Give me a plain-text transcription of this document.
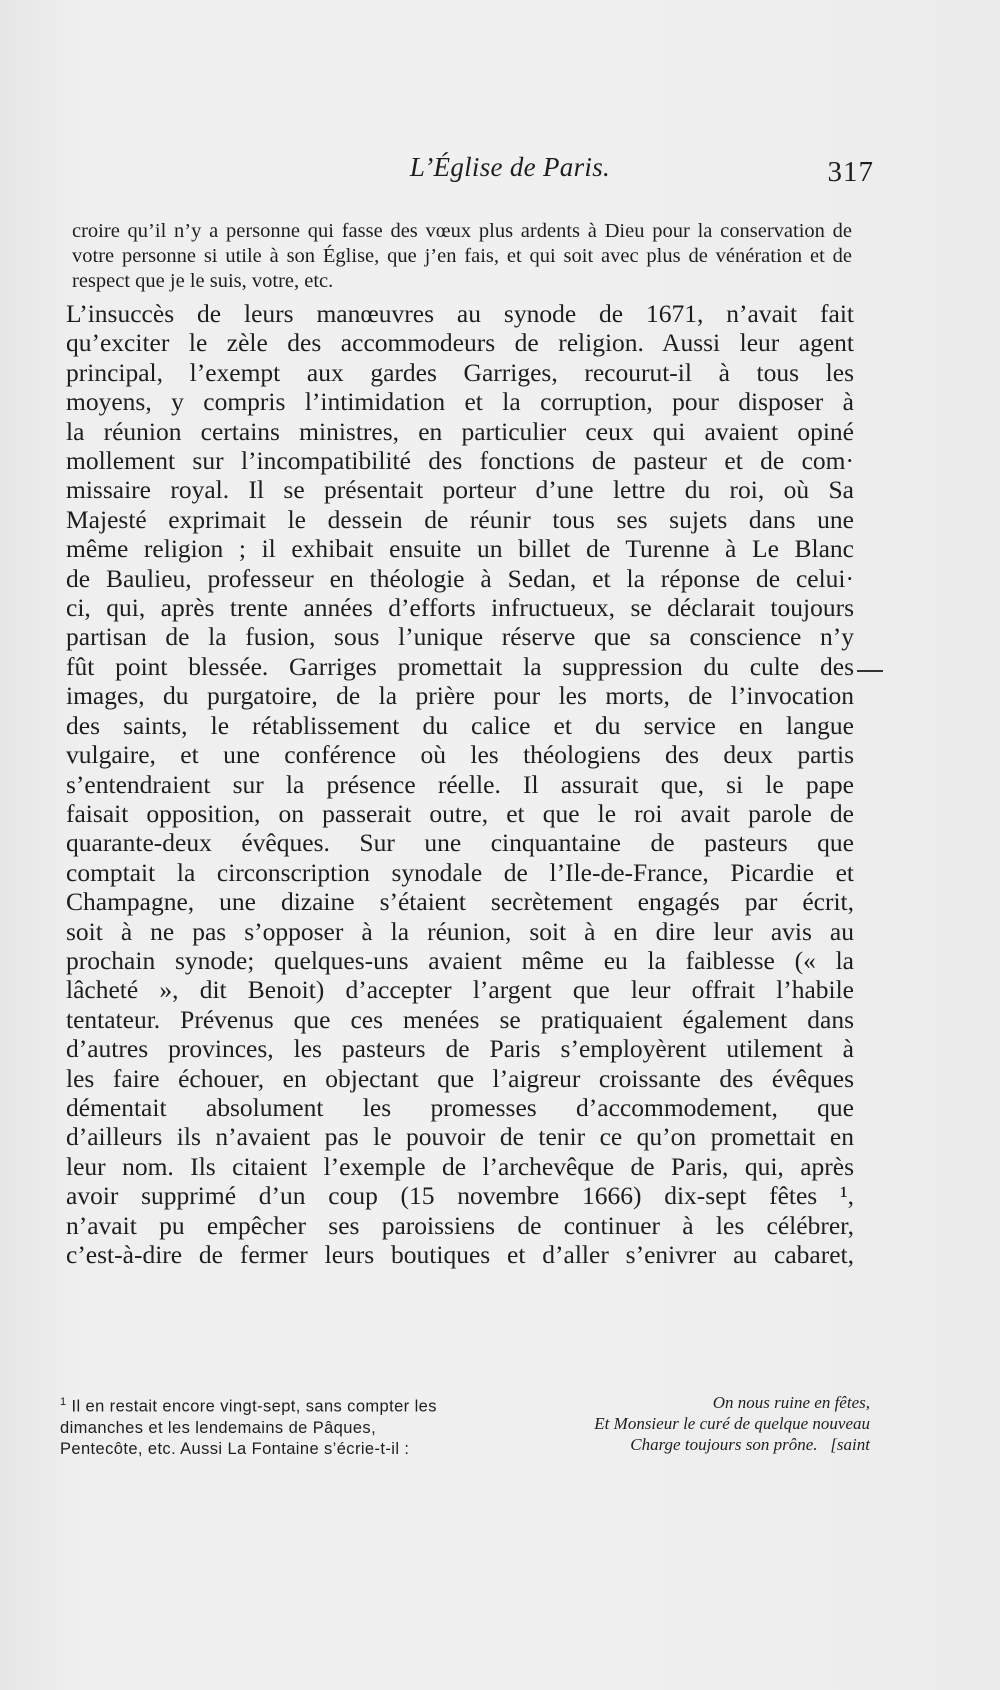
L’Église de Paris.	317

croire qu’il n’y a personne qui fasse des vœux plus ardents à Dieu pour la conservation de votre personne si utile à son Église, que j’en fais, et qui soit avec plus de vénération et de respect que je le suis, votre, etc.

L’insuccès de leurs manœuvres au synode de 1671, n’avait fait
qu’exciter le zèle des accommodeurs de religion. Aussi leur agent
principal, l’exempt aux gardes Garriges, recourut-il à tous les
moyens, y compris l’intimidation et la corruption, pour disposer à
la réunion certains ministres, en particulier ceux qui avaient opiné
mollement sur l’incompatibilité des fonctions de pasteur et de com·
missaire royal. Il se présentait porteur d’une lettre du roi, où Sa
Majesté exprimait le dessein de réunir tous ses sujets dans une
même religion ; il exhibait ensuite un billet de Turenne à Le Blanc
de Baulieu, professeur en théologie à Sedan, et la réponse de celui·
ci, qui, après trente années d’efforts infructueux, se déclarait toujours
partisan de la fusion, sous l’unique réserve que sa conscience n’y
fût point blessée. Garriges promettait la suppression du culte des
images, du purgatoire, de la prière pour les morts, de l’invocation
des saints, le rétablissement du calice et du service en langue
vulgaire, et une conférence où les théologiens des deux partis
s’entendraient sur la présence réelle. Il assurait que, si le pape
faisait opposition, on passerait outre, et que le roi avait parole de
quarante-deux évêques. Sur une cinquantaine de pasteurs que
comptait la circonscription synodale de l’Ile-de-France, Picardie et
Champagne, une dizaine s’étaient secrètement engagés par écrit,
soit à ne pas s’opposer à la réunion, soit à en dire leur avis au
prochain synode; quelques-uns avaient même eu la faiblesse (« la
lâcheté », dit Benoit) d’accepter l’argent que leur offrait l’habile
tentateur. Prévenus que ces menées se pratiquaient également dans
d’autres provinces, les pasteurs de Paris s’employèrent utilement à
les faire échouer, en objectant que l’aigreur croissante des évêques
démentait absolument les promesses d’accommodement, que
d’ailleurs ils n’avaient pas le pouvoir de tenir ce qu’on promettait en
leur nom. Ils citaient l’exemple de l’archevêque de Paris, qui, après
avoir supprimé d’un coup (15 novembre 1666) dix-sept fêtes ¹,
n’avait pu empêcher ses paroissiens de continuer à les célébrer,
c’est-à-dire de fermer leurs boutiques et d’aller s’enivrer au cabaret,
$^1$ Il en restait encore vingt-sept, sans compter les dimanches et les lendemains de Pâques, Pentecôte, etc. Aussi La Fontaine s’écrie-t-il :
On nous ruine en fêtes,
Et Monsieur le curé de quelque nouveau
Charge toujours son prône. [saint
